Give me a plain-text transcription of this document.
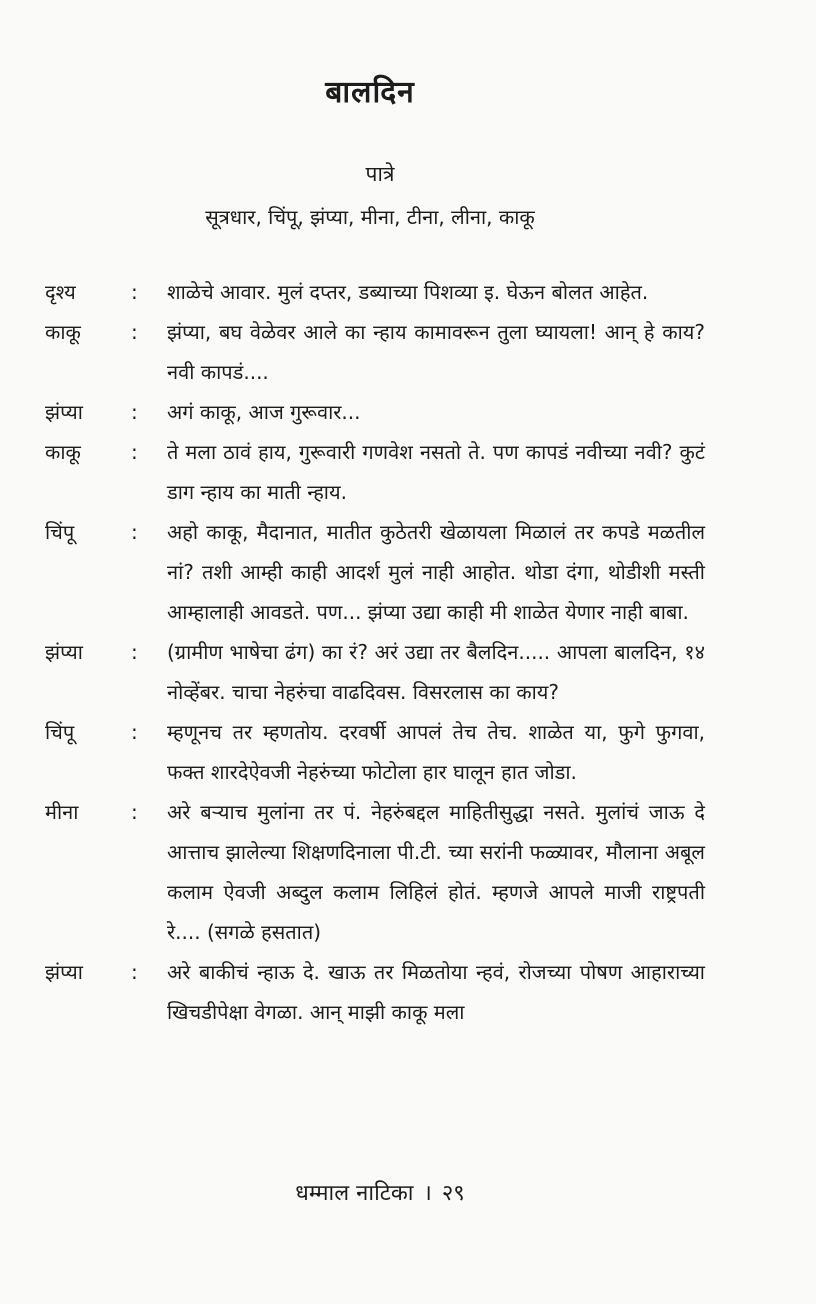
बालदिन
पात्रे
सूत्रधार, चिंपू, झंप्या, मीना, टीना, लीना, काकू
दृश्य	:	शाळेचे आवार. मुलं दप्तर, डब्याच्या पिशव्या इ. घेऊन बोलत आहेत.
काकू	:	झंप्या, बघ वेळेवर आले का न्हाय कामावरून तुला घ्यायला! आन् हे काय? नवी कापडं....
झंप्या	:	अगं काकू, आज गुरूवार...
काकू	:	ते मला ठावं हाय, गुरूवारी गणवेश नसतो ते. पण कापडं नवीच्या नवी? कुटं डाग न्हाय का माती न्हाय.
चिंपू	:	अहो काकू, मैदानात, मातीत कुठेतरी खेळायला मिळालं तर कपडे मळतील नां? तशी आम्ही काही आदर्श मुलं नाही आहोत. थोडा दंगा, थोडीशी मस्ती आम्हालाही आवडते. पण... झंप्या उद्या काही मी शाळेत येणार नाही बाबा.
झंप्या	:	(ग्रामीण भाषेचा ढंग) का रं? अरं उद्या तर बैलदिन..... आपला बालदिन, १४ नोव्हेंबर. चाचा नेहरुंचा वाढदिवस. विसरलास का काय?
चिंपू	:	म्हणूनच तर म्हणतोय. दरवर्षी आपलं तेच तेच. शाळेत या, फुगे फुगवा, फक्त शारदेऐवजी नेहरुंच्या फोटोला हार घालून हात जोडा.
मीना	:	अरे बऱ्याच मुलांना तर पं. नेहरुंबद्दल माहितीसुद्धा नसते. मुलांचं जाऊ दे आत्ताच झालेल्या शिक्षणदिनाला पी.टी. च्या सरांनी फळ्यावर, मौलाना अबूल कलाम ऐवजी अब्दुल कलाम लिहिलं होतं. म्हणजे आपले माजी राष्ट्रपती रे.... (सगळे हसतात)
झंप्या	:	अरे बाकीचं न्हाऊ दे. खाऊ तर मिळतोया न्हवं, रोजच्या पोषण आहाराच्या खिचडीपेक्षा वेगळा. आन् माझी काकू मला
धम्माल नाटिका । २९
